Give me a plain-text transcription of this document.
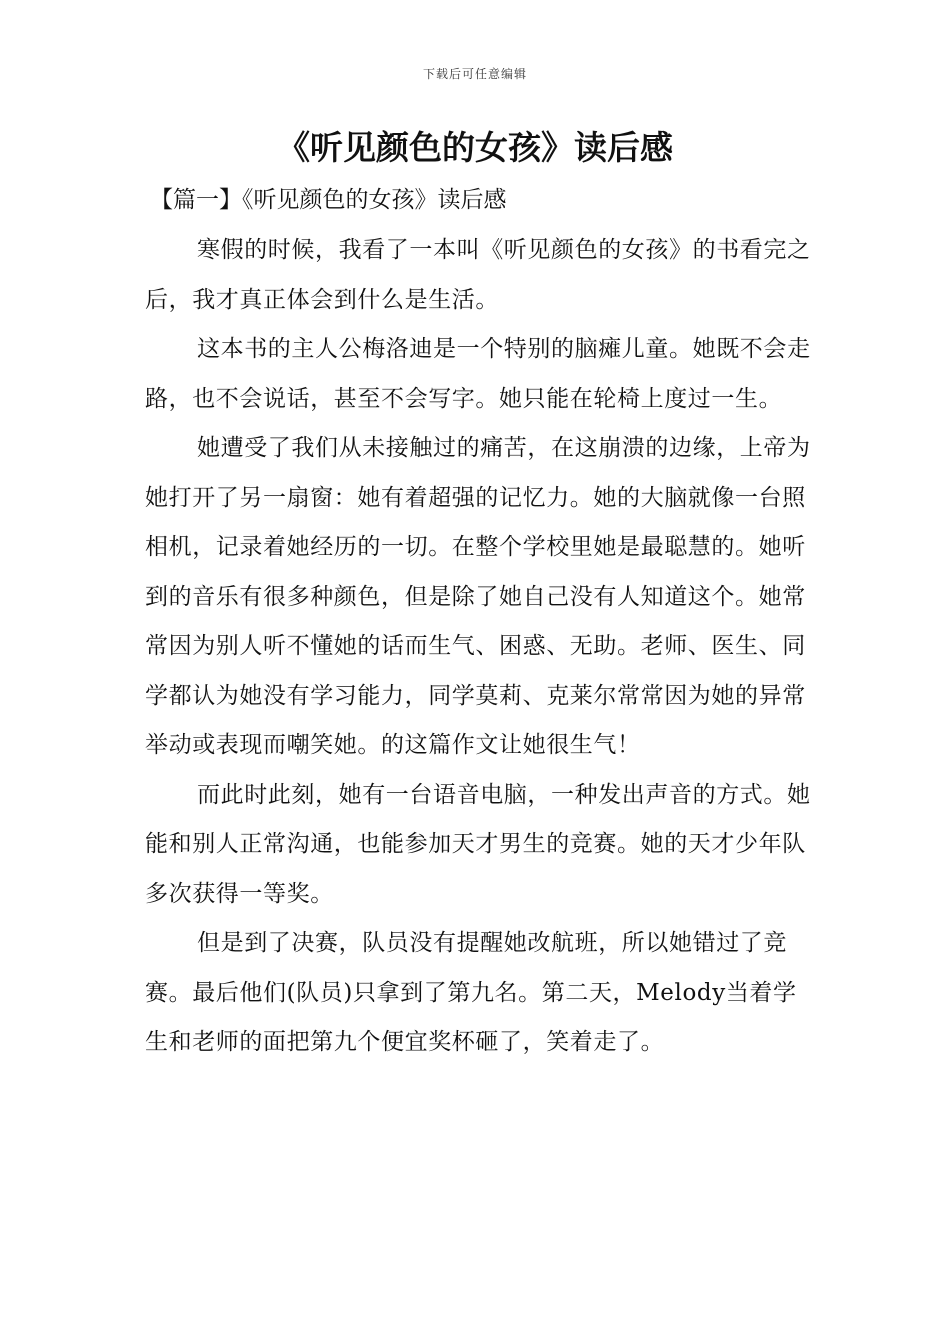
下载后可任意编辑
《听见颜色的女孩》读后感
【篇一】《听见颜色的女孩》读后感

寒假的时候，我看了一本叫《听见颜色的女孩》的书看完之后，我才真正体会到什么是生活。

这本书的主人公梅洛迪是一个特别的脑瘫儿童。她既不会走路，也不会说话，甚至不会写字。她只能在轮椅上度过一生。

她遭受了我们从未接触过的痛苦，在这崩溃的边缘，上帝为她打开了另一扇窗：她有着超强的记忆力。她的大脑就像一台照相机，记录着她经历的一切。在整个学校里她是最聪慧的。她听到的音乐有很多种颜色，但是除了她自己没有人知道这个。她常常因为别人听不懂她的话而生气、困惑、无助。老师、医生、同学都认为她没有学习能力，同学莫莉、克莱尔常常因为她的异常举动或表现而嘲笑她。的这篇作文让她很生气！

而此时此刻，她有一台语音电脑，一种发出声音的方式。她能和别人正常沟通，也能参加天才男生的竞赛。她的天才少年队多次获得一等奖。

但是到了决赛，队员没有提醒她改航班，所以她错过了竞赛。最后他们(队员)只拿到了第九名。第二天，Melody当着学生和老师的面把第九个便宜奖杯砸了，笑着走了。
